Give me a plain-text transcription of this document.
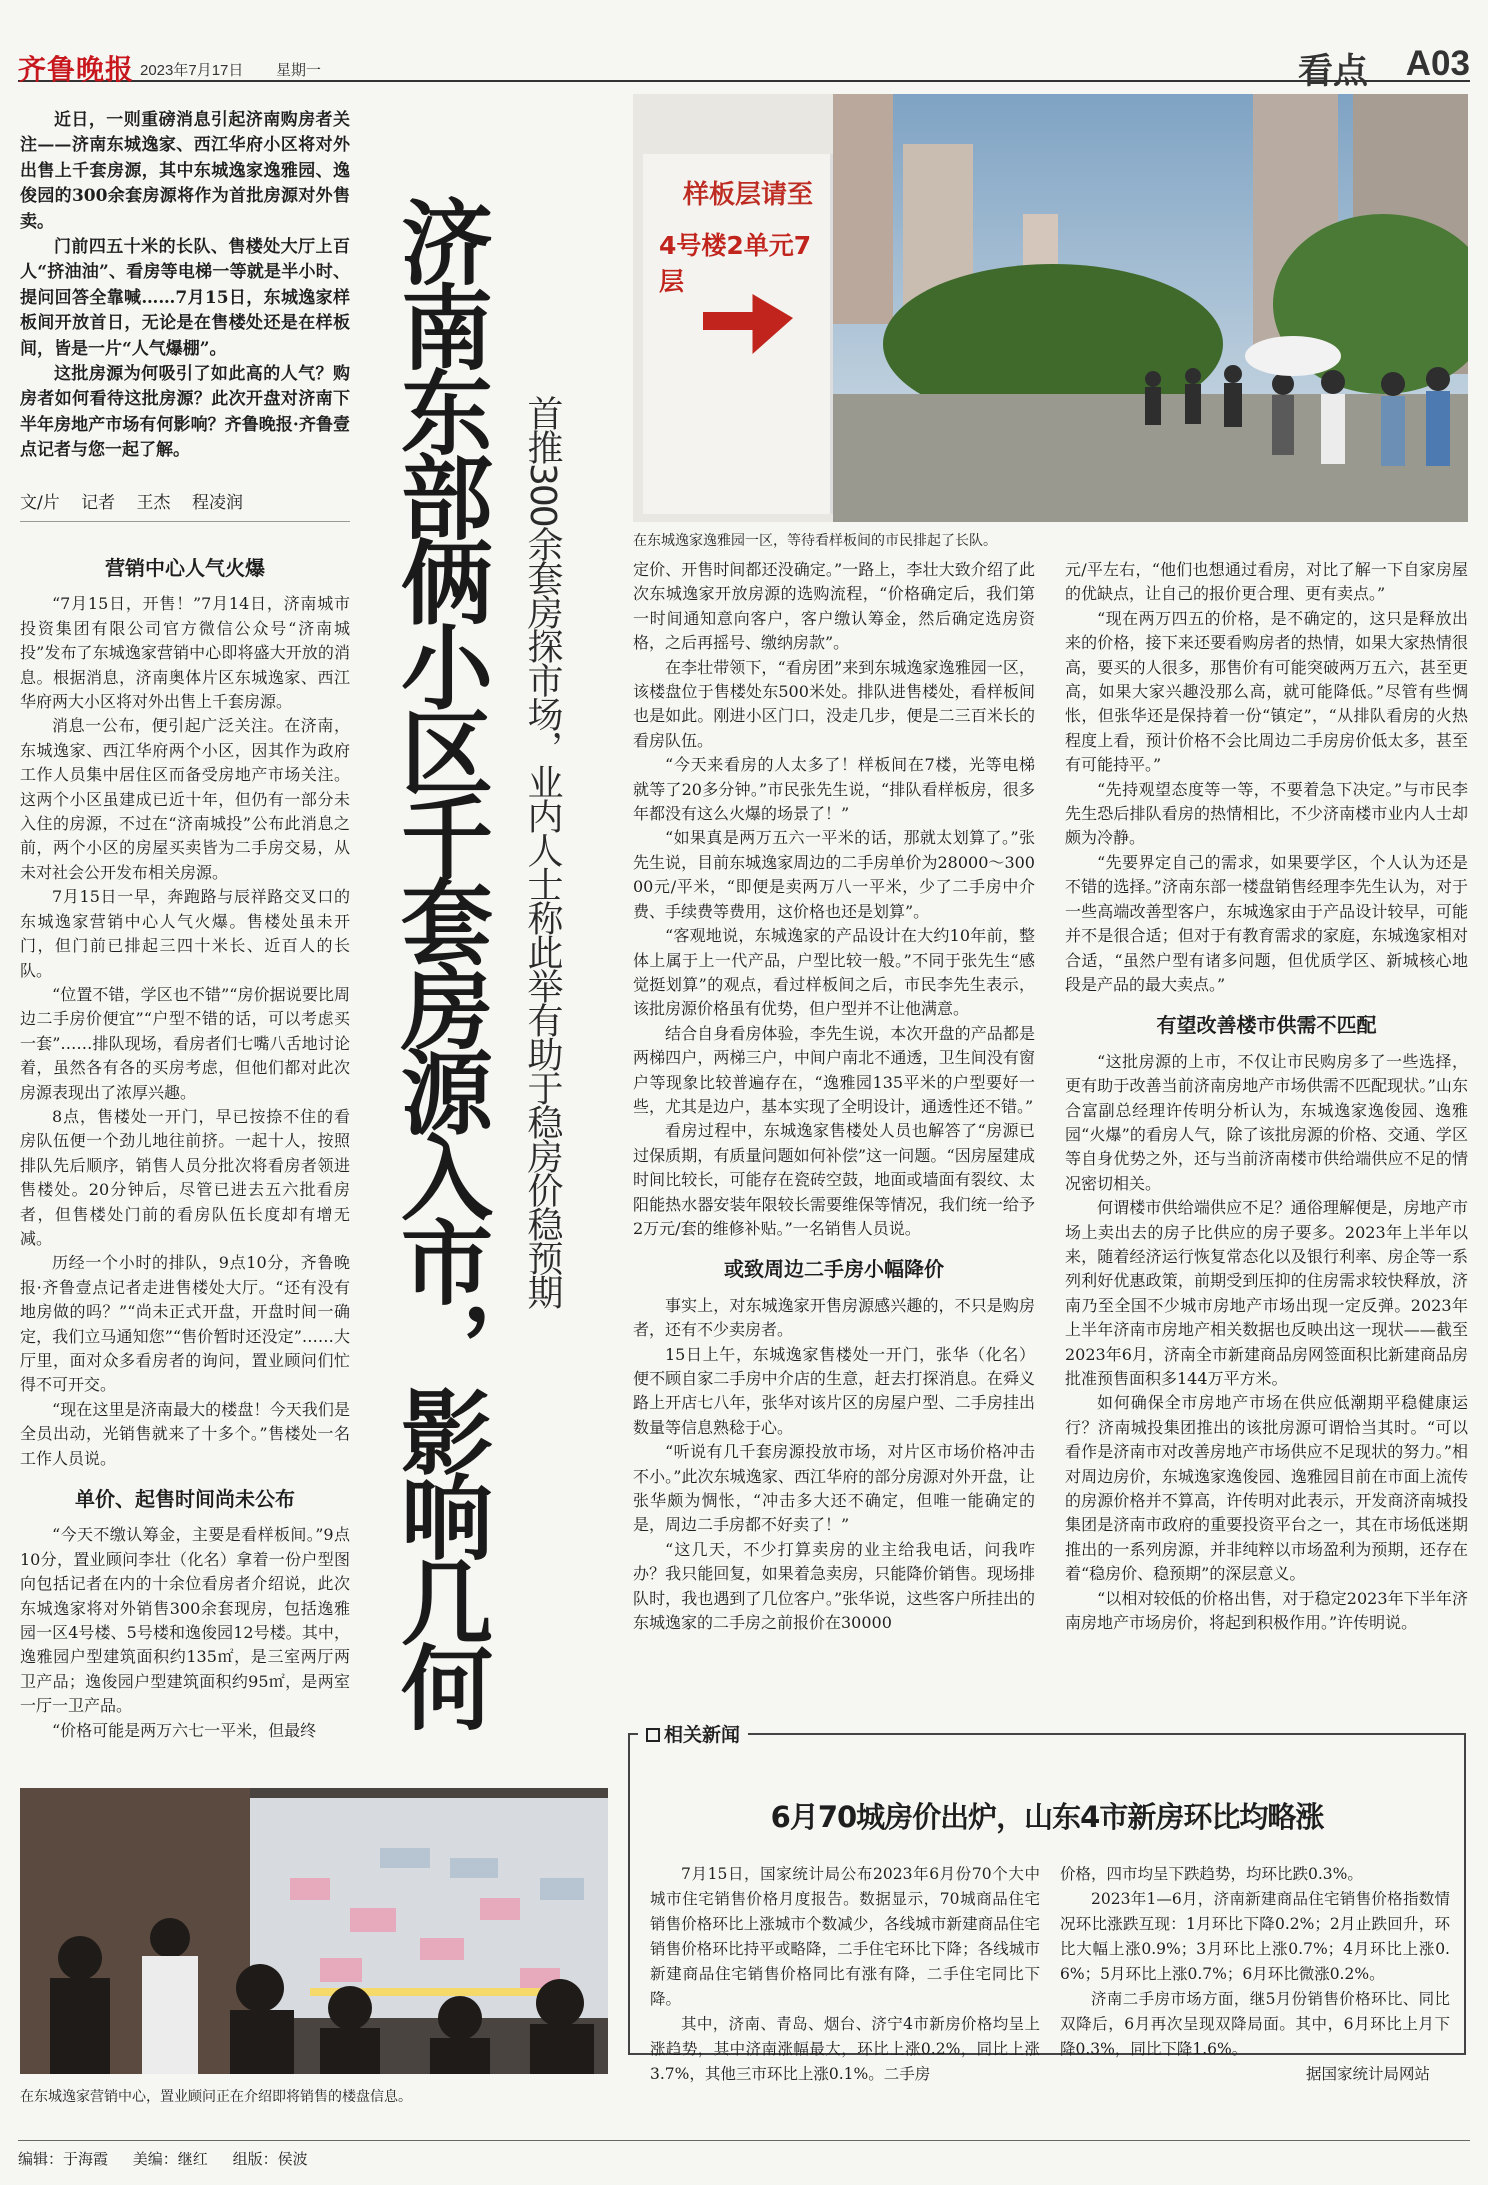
齐鲁晚报 2023年7月17日 星期一	看点 A03

近日，一则重磅消息引起济南购房者关注——济南东城逸家、西江华府小区将对外出售上千套房源，其中东城逸家逸雅园、逸俊园的300余套房源将作为首批房源对外售卖。

门前四五十米的长队、售楼处大厅上百人“挤油油”、看房等电梯一等就是半小时、提问回答全靠喊……7月15日，东城逸家样板间开放首日，无论是在售楼处还是在样板间，皆是一片“人气爆棚”。

这批房源为何吸引了如此高的人气？购房者如何看待这批房源？此次开盘对济南下半年房地产市场有何影响？齐鲁晚报·齐鲁壹点记者与您一起了解。

文/片 记者 王杰 程凌润	济南东部俩小区千套房源入市，影响几何 首推300余套房探市场，业内人士称此举有助于稳房价稳预期
营销中心人气火爆

“7月15日，开售！”7月14日，济南城市投资集团有限公司官方微信公众号“济南城投”发布了东城逸家营销中心即将盛大开放的消息。根据消息，济南奥体片区东城逸家、西江华府两大小区将对外出售上千套房源。

消息一公布，便引起广泛关注。在济南，东城逸家、西江华府两个小区，因其作为政府工作人员集中居住区而备受房地产市场关注。这两个小区虽建成已近十年，但仍有一部分未入住的房源，不过在“济南城投”公布此消息之前，两个小区的房屋买卖皆为二手房交易，从未对社会公开发布相关房源。

7月15日一早，奔跑路与辰祥路交叉口的东城逸家营销中心人气火爆。售楼处虽未开门，但门前已排起三四十米长、近百人的长队。

“位置不错，学区也不错”“房价据说要比周边二手房价便宜”“户型不错的话，可以考虑买一套”……排队现场，看房者们七嘴八舌地讨论着，虽然各有各的买房考虑，但他们都对此次房源表现出了浓厚兴趣。

8点，售楼处一开门，早已按捺不住的看房队伍便一个劲儿地往前挤。一起十人，按照排队先后顺序，销售人员分批次将看房者领进售楼处。20分钟后，尽管已进去五六批看房者，但售楼处门前的看房队伍长度却有增无减。

历经一个小时的排队，9点10分，齐鲁晚报·齐鲁壹点记者走进售楼处大厅。“还有没有地房做的吗？”“尚未正式开盘，开盘时间一确定，我们立马通知您”“售价暂时还没定”……大厅里，面对众多看房者的询问，置业顾问们忙得不可开交。

“现在这里是济南最大的楼盘！今天我们是全员出动，光销售就来了十多个。”售楼处一名工作人员说。

单价、起售时间尚未公布

“今天不缴认筹金，主要是看样板间。”9点10分，置业顾问李壮（化名）拿着一份户型图向包括记者在内的十余位看房者介绍说，此次东城逸家将对外销售300余套现房，包括逸雅园一区4号楼、5号楼和逸俊园12号楼。其中，逸雅园户型建筑面积约135㎡，是三室两厅两卫产品；逸俊园户型建筑面积约95㎡，是两室一厅一卫产品。

“价格可能是两万六七一平米，但最终

样板层请至
4号楼2单元7层
在东城逸家逸雅园一区，等待看样板间的市民排起了长队。

定价、开售时间都还没确定。”一路上，李壮大致介绍了此次东城逸家开放房源的选购流程，“价格确定后，我们第一时间通知意向客户，客户缴认筹金，然后确定选房资格，之后再摇号、缴纳房款”。

在李壮带领下，“看房团”来到东城逸家逸雅园一区，该楼盘位于售楼处东500米处。排队进售楼处，看样板间也是如此。刚进小区门口，没走几步，便是二三百米长的看房队伍。

“今天来看房的人太多了！样板间在7楼，光等电梯就等了20多分钟。”市民张先生说，“排队看样板房，很多年都没有这么火爆的场景了！”

“如果真是两万五六一平米的话，那就太划算了。”张先生说，目前东城逸家周边的二手房单价为28000～30000元/平米，“即便是卖两万八一平米，少了二手房中介费、手续费等费用，这价格也还是划算”。

“客观地说，东城逸家的产品设计在大约10年前，整体上属于上一代产品，户型比较一般。”不同于张先生“感觉挺划算”的观点，看过样板间之后，市民李先生表示，该批房源价格虽有优势，但户型并不让他满意。

结合自身看房体验，李先生说，本次开盘的产品都是两梯四户，两梯三户，中间户南北不通透，卫生间没有窗户等现象比较普遍存在，“逸雅园135平米的户型要好一些，尤其是边户，基本实现了全明设计，通透性还不错。”

看房过程中，东城逸家售楼处人员也解答了“房源已过保质期，有质量问题如何补偿”这一问题。“因房屋建成时间比较长，可能存在瓷砖空鼓，地面或墙面有裂纹、太阳能热水器安装年限较长需要维保等情况，我们统一给予2万元/套的维修补贴。”一名销售人员说。

或致周边二手房小幅降价

事实上，对东城逸家开售房源感兴趣的，不只是购房者，还有不少卖房者。

15日上午，东城逸家售楼处一开门，张华（化名）便不顾自家二手房中介店的生意，赶去打探消息。在舜义路上开店七八年，张华对该片区的房屋户型、二手房挂出数量等信息熟稔于心。

“听说有几千套房源投放市场，对片区市场价格冲击不小。”此次东城逸家、西江华府的部分房源对外开盘，让张华颇为惆怅，“冲击多大还不确定，但唯一能确定的是，周边二手房都不好卖了！”

“这几天，不少打算卖房的业主给我电话，问我咋办？我只能回复，如果着急卖房，只能降价销售。现场排队时，我也遇到了几位客户。”张华说，这些客户所挂出的东城逸家的二手房之前报价在30000

元/平左右，“他们也想通过看房，对比了解一下自家房屋的优缺点，让自己的报价更合理、更有卖点。”

“现在两万四五的价格，是不确定的，这只是释放出来的价格，接下来还要看购房者的热情，如果大家热情很高，要买的人很多，那售价有可能突破两万五六，甚至更高，如果大家兴趣没那么高，就可能降低。”尽管有些惆怅，但张华还是保持着一份“镇定”，“从排队看房的火热程度上看，预计价格不会比周边二手房房价低太多，甚至有可能持平。”

“先持观望态度等一等，不要着急下决定。”与市民李先生恐后排队看房的热情相比，不少济南楼市业内人士却颇为冷静。

“先要界定自己的需求，如果要学区，个人认为还是不错的选择。”济南东部一楼盘销售经理李先生认为，对于一些高端改善型客户，东城逸家由于产品设计较早，可能并不是很合适；但对于有教育需求的家庭，东城逸家相对合适，“虽然户型有诸多问题，但优质学区、新城核心地段是产品的最大卖点。”

有望改善楼市供需不匹配

“这批房源的上市，不仅让市民购房多了一些选择，更有助于改善当前济南房地产市场供需不匹配现状。”山东合富副总经理许传明分析认为，东城逸家逸俊园、逸雅园“火爆”的看房人气，除了该批房源的价格、交通、学区等自身优势之外，还与当前济南楼市供给端供应不足的情况密切相关。

何谓楼市供给端供应不足？通俗理解便是，房地产市场上卖出去的房子比供应的房子要多。2023年上半年以来，随着经济运行恢复常态化以及银行利率、房企等一系列利好优惠政策，前期受到压抑的住房需求较快释放，济南乃至全国不少城市房地产市场出现一定反弹。2023年上半年济南市房地产相关数据也反映出这一现状——截至2023年6月，济南全市新建商品房网签面积比新建商品房批准预售面积多144万平方米。

如何确保全市房地产市场在供应低潮期平稳健康运行？济南城投集团推出的该批房源可谓恰当其时。“可以看作是济南市对改善房地产市场供应不足现状的努力。”相对周边房价，东城逸家逸俊园、逸雅园目前在市面上流传的房源价格并不算高，许传明对此表示，开发商济南城投集团是济南市政府的重要投资平台之一，其在市场低迷期推出的一系列房源，并非纯粹以市场盈利为预期，还存在着“稳房价、稳预期”的深层意义。

“以相对较低的价格出售，对于稳定2023年下半年济南房地产市场房价，将起到积极作用。”许传明说。

在东城逸家营销中心，置业顾问正在介绍即将销售的楼盘信息。
相关新闻
6月70城房价出炉，山东4市新房环比均略涨

7月15日，国家统计局公布2023年6月份70个大中城市住宅销售价格月度报告。数据显示，70城商品住宅销售价格环比上涨城市个数减少，各线城市新建商品住宅销售价格环比持平或略降，二手住宅环比下降；各线城市新建商品住宅销售价格同比有涨有降，二手住宅同比下降。

其中，济南、青岛、烟台、济宁4市新房价格均呈上涨趋势，其中济南涨幅最大，环比上涨0.2%，同比上涨3.7%，其他三市环比上涨0.1%。二手房

价格，四市均呈下跌趋势，均环比跌0.3%。

2023年1—6月，济南新建商品住宅销售价格指数情况环比涨跌互现：1月环比下降0.2%；2月止跌回升，环比大幅上涨0.9%；3月环比上涨0.7%；4月环比上涨0.6%；5月环比上涨0.7%；6月环比微涨0.2%。

济南二手房市场方面，继5月份销售价格环比、同比双降后，6月再次呈现双降局面。其中，6月环比上月下降0.3%，同比下降1.6%。

据国家统计局网站
编辑：于海霞 美编：继红 组版：侯波
